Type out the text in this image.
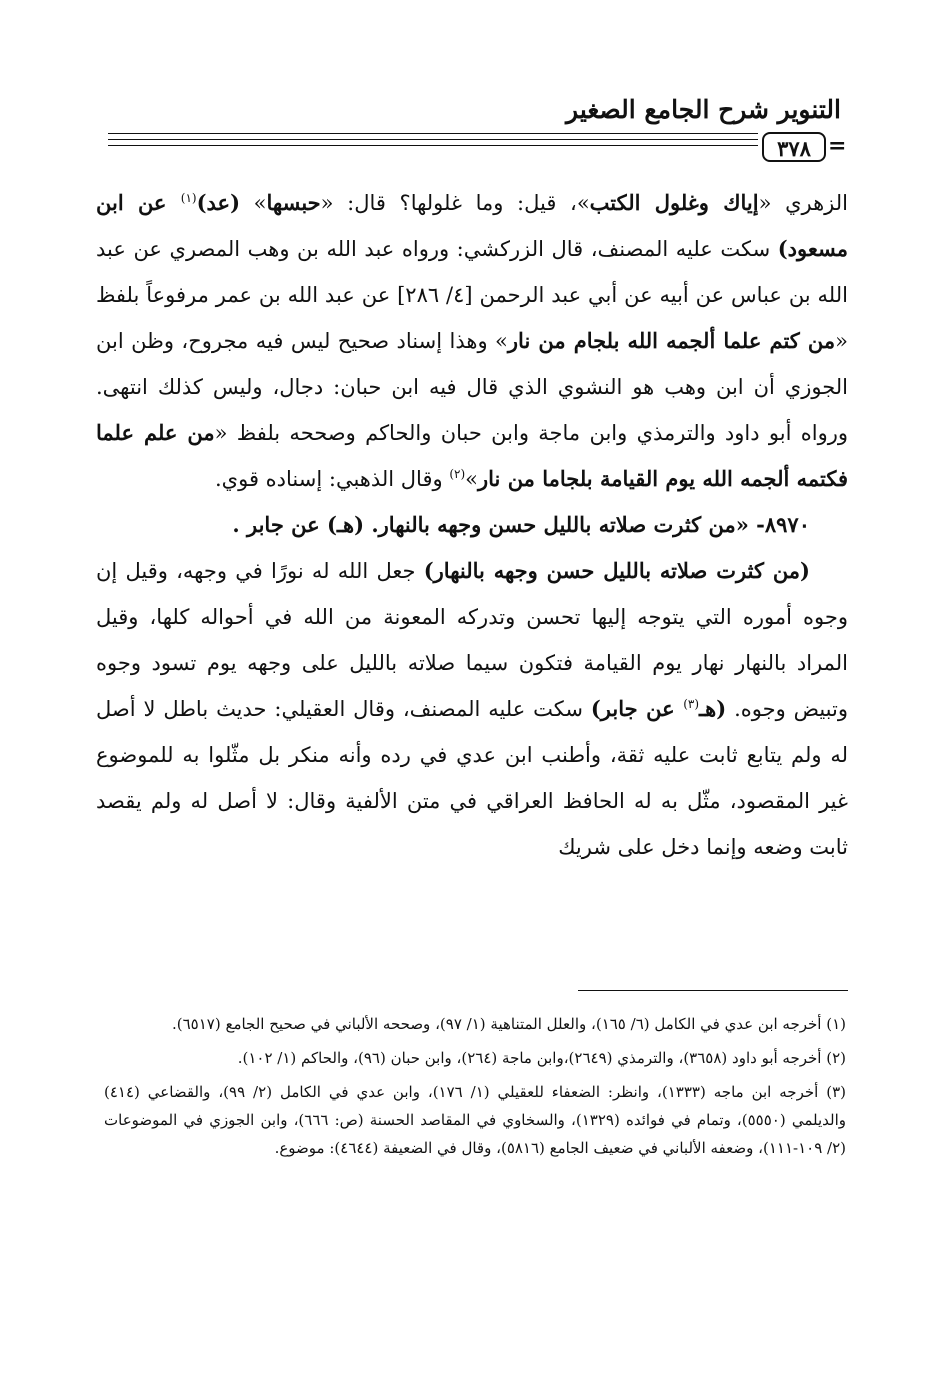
التنوير شرح الجامع الصغير
٣٧٨ =

الزهري «إياك وغلول الكتب»، قيل: وما غلولها؟ قال: «حبسها» (عد)$^{(١)}$ عن ابن مسعود) سكت عليه المصنف، قال الزركشي: ورواه عبد الله بن وهب المصري عن عبد الله بن عباس عن أبيه عن أبي عبد الرحمن [٤/ ٢٨٦] عن عبد الله بن عمر مرفوعاً بلفظ «من كتم علما ألجمه الله بلجام من نار» وهذا إسناد صحيح ليس فيه مجروح، وظن ابن الجوزي أن ابن وهب هو النشوي الذي قال فيه ابن حبان: دجال، وليس كذلك انتهى. ورواه أبو داود والترمذي وابن ماجة وابن حبان والحاكم وصححه بلفظ «من علم علما فكتمه ألجمه الله يوم القيامة بلجاما من نار»$^{(٢)}$ وقال الذهبي: إسناده قوي.

٨٩٧٠- «من كثرت صلاته بالليل حسن وجهه بالنهار. (هـ) عن جابر .

(من كثرت صلاته بالليل حسن وجهه بالنهار) جعل الله له نورًا في وجهه، وقيل إن وجوه أموره التي يتوجه إليها تحسن وتدركه المعونة من الله في أحواله كلها، وقيل المراد بالنهار نهار يوم القيامة فتكون سيما صلاته بالليل على وجهه يوم تسود وجوه وتبيض وجوه. (هـ$^{(٣)}$ عن جابر) سكت عليه المصنف، وقال العقيلي: حديث باطل لا أصل له ولم يتابع ثابت عليه ثقة، وأطنب ابن عدي في رده وأنه منكر بل مثّلوا به للموضوع غير المقصود، مثّل به له الحافظ العراقي في متن الألفية وقال: لا أصل له ولم يقصد ثابت وضعه وإنما دخل على شريك

(١) أخرجه ابن عدي في الكامل (٦/ ١٦٥)، والعلل المتناهية (١/ ٩٧)، وصححه الألباني في صحيح الجامع (٦٥١٧).

(٢) أخرجه أبو داود (٣٦٥٨)، والترمذي (٢٦٤٩)،وابن ماجة (٢٦٤)، وابن حبان (٩٦)، والحاكم (١/ ١٠٢).

(٣) أخرجه ابن ماجه (١٣٣٣)، وانظر: الضعفاء للعقيلي (١/ ١٧٦)، وابن عدي في الكامل (٢/ ٩٩)، والقضاعي (٤١٤) والديلمي (٥٥٥٠)، وتمام في فوائده (١٣٢٩)، والسخاوي في المقاصد الحسنة (ص: ٦٦٦)، وابن الجوزي في الموضوعات (٢/ ١٠٩-١١١)، وضعفه الألباني في ضعيف الجامع (٥٨١٦)، وقال في الضعيفة (٤٦٤٤): موضوع.
